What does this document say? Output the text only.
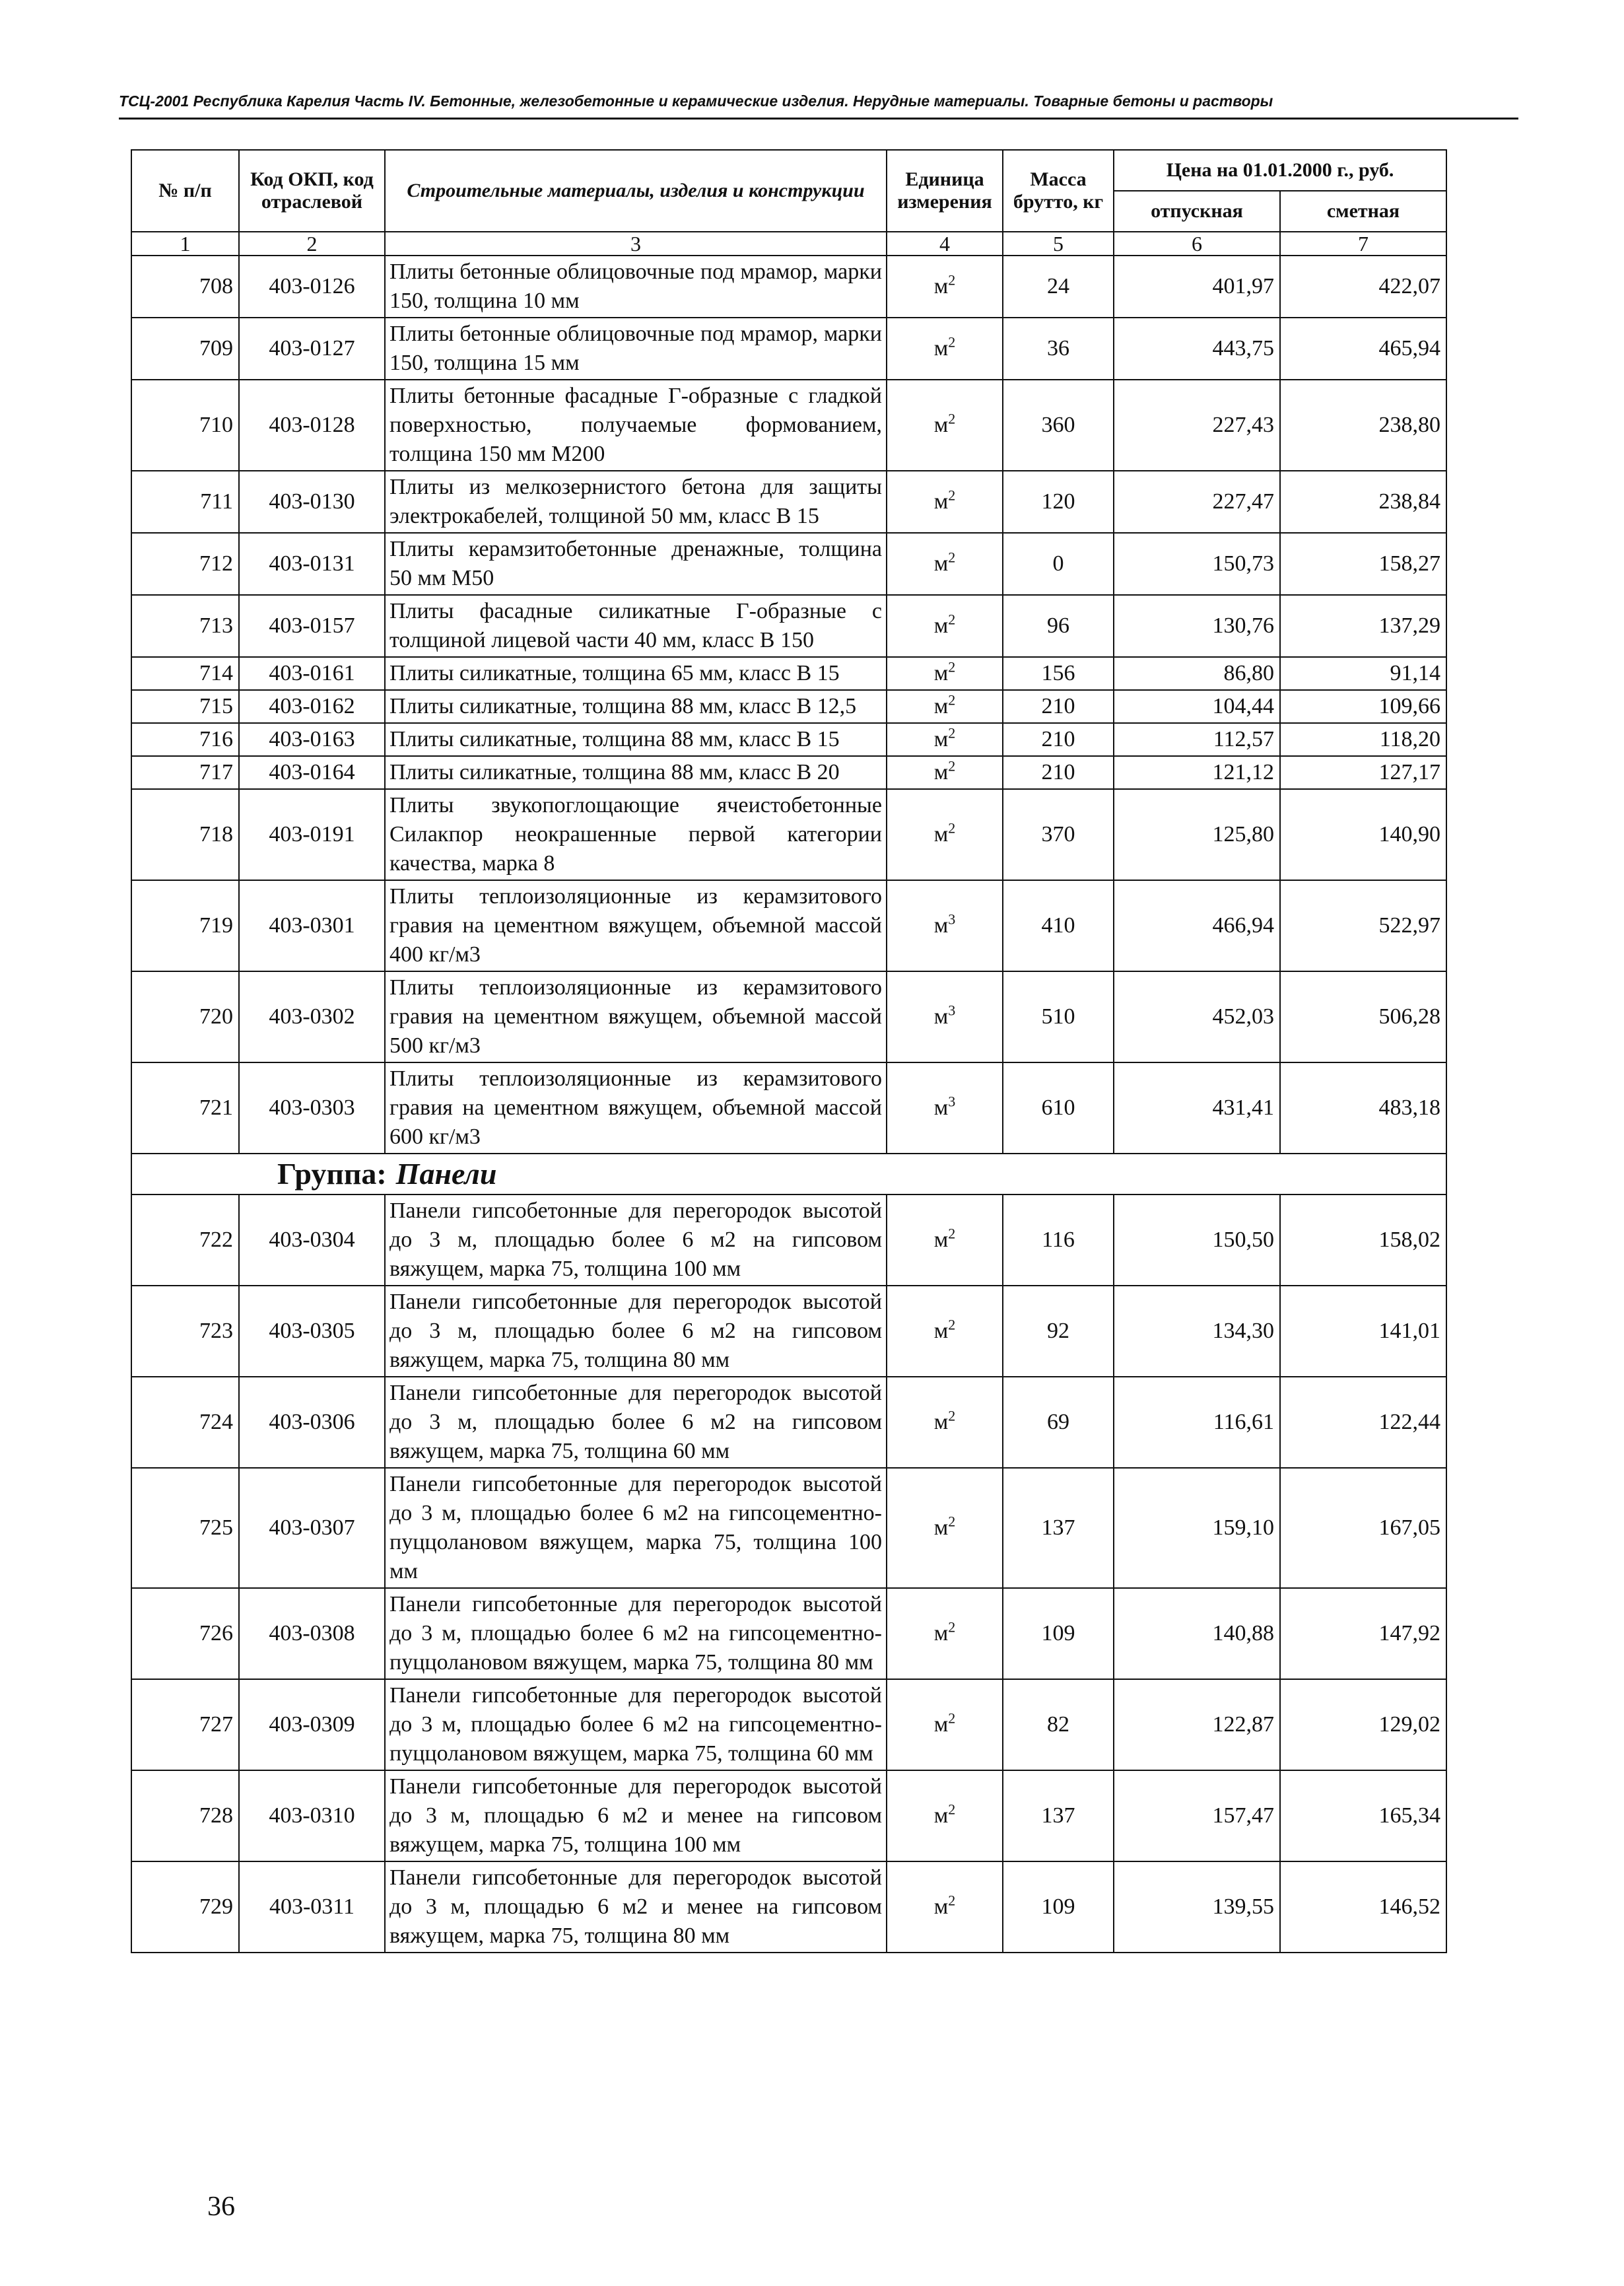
ТСЦ-2001 Республика Карелия Часть IV. Бетонные, железобетонные и керамические изделия. Нерудные материалы. Товарные бетоны и растворы
№ п/п	Код ОКП, код отраслевой	Строительные материалы, изделия и конструкции	Единица измерения	Масса брутто, кг	Цена на 01.01.2000 г., руб.	
					отпускная	сметная
1	2	3	4	5	6	7
708	403-0126	Плиты бетонные облицовочные под мрамор, марки 150, толщина 10 мм	$м^2$	24	401,97	422,07
709	403-0127	Плиты бетонные облицовочные под мрамор, марки 150, толщина 15 мм	$м^2$	36	443,75	465,94
710	403-0128	Плиты бетонные фасадные Г-образные с гладкой поверхностью, получаемые формованием, толщина 150 мм М200	$м^2$	360	227,43	238,80
711	403-0130	Плиты из мелкозернистого бетона для защиты электрокабелей, толщиной 50 мм, класс В 15	$м^2$	120	227,47	238,84
712	403-0131	Плиты керамзитобетонные дренажные, толщина 50 мм М50	$м^2$	0	150,73	158,27
713	403-0157	Плиты фасадные силикатные Г-образные с толщиной лицевой части 40 мм, класс В 150	$м^2$	96	130,76	137,29
714	403-0161	Плиты силикатные, толщина 65 мм, класс В 15	$м^2$	156	86,80	91,14
715	403-0162	Плиты силикатные, толщина 88 мм, класс В 12,5	$м^2$	210	104,44	109,66
716	403-0163	Плиты силикатные, толщина 88 мм, класс В 15	$м^2$	210	112,57	118,20
717	403-0164	Плиты силикатные, толщина 88 мм, класс В 20	$м^2$	210	121,12	127,17
718	403-0191	Плиты звукопоглощающие ячеистобетонные Силакпор неокрашенные первой категории качества, марка 8	$м^2$	370	125,80	140,90
719	403-0301	Плиты теплоизоляционные из керамзитового гравия на цементном вяжущем, объемной массой 400 кг/м3	$м^3$	410	466,94	522,97
720	403-0302	Плиты теплоизоляционные из керамзитового гравия на цементном вяжущем, объемной массой 500 кг/м3	$м^3$	510	452,03	506,28
721	403-0303	Плиты теплоизоляционные из керамзитового гравия на цементном вяжущем, объемной массой 600 кг/м3	$м^3$	610	431,41	483,18
Группа: Панели						
722	403-0304	Панели гипсобетонные для перегородок высотой до 3 м, площадью более 6 м2 на гипсовом вяжущем, марка 75, толщина 100 мм	$м^2$	116	150,50	158,02
723	403-0305	Панели гипсобетонные для перегородок высотой до 3 м, площадью более 6 м2 на гипсовом вяжущем, марка 75, толщина 80 мм	$м^2$	92	134,30	141,01
724	403-0306	Панели гипсобетонные для перегородок высотой до 3 м, площадью более 6 м2 на гипсовом вяжущем, марка 75, толщина 60 мм	$м^2$	69	116,61	122,44
725	403-0307	Панели гипсобетонные для перегородок высотой до 3 м, площадью более 6 м2 на гипсоцементно-пуццолановом вяжущем, марка 75, толщина 100 мм	$м^2$	137	159,10	167,05
726	403-0308	Панели гипсобетонные для перегородок высотой до 3 м, площадью более 6 м2 на гипсоцементно-пуццолановом вяжущем, марка 75, толщина 80 мм	$м^2$	109	140,88	147,92
727	403-0309	Панели гипсобетонные для перегородок высотой до 3 м, площадью более 6 м2 на гипсоцементно-пуццолановом вяжущем, марка 75, толщина 60 мм	$м^2$	82	122,87	129,02
728	403-0310	Панели гипсобетонные для перегородок высотой до 3 м, площадью 6 м2 и менее на гипсовом вяжущем, марка 75, толщина 100 мм	$м^2$	137	157,47	165,34
729	403-0311	Панели гипсобетонные для перегородок высотой до 3 м, площадью 6 м2 и менее на гипсовом вяжущем, марка 75, толщина 80 мм	$м^2$	109	139,55	146,52
36
